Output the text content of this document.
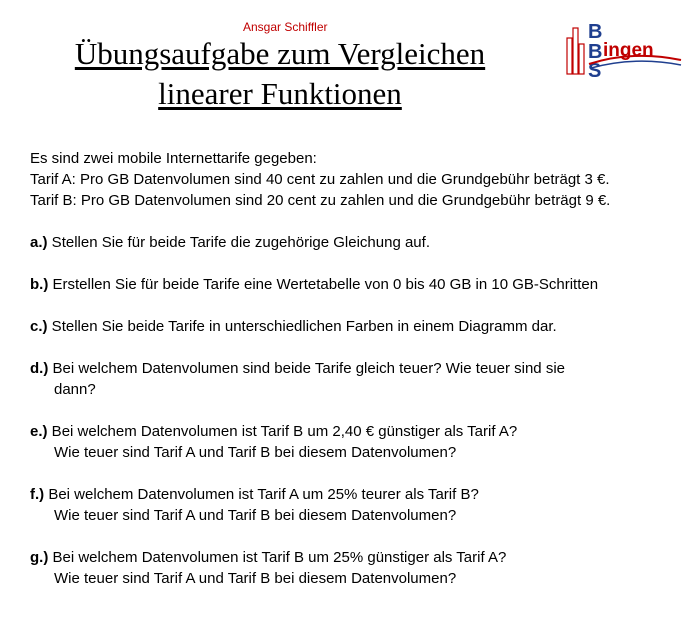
Ansgar Schiffler
Übungsaufgabe zum Vergleichen
linearer Funktionen
B
B
S
ingen
Es sind zwei mobile Internettarife gegeben:
Tarif A: Pro GB Datenvolumen sind 40 cent zu zahlen und die Grundgebühr beträgt 3 €.
Tarif B: Pro GB Datenvolumen sind 20 cent zu zahlen und die Grundgebühr beträgt 9 €.
a.) Stellen Sie für beide Tarife die zugehörige Gleichung auf.
b.) Erstellen Sie für beide Tarife eine Wertetabelle von 0 bis 40 GB in 10 GB-Schritten
c.) Stellen Sie beide Tarife in unterschiedlichen Farben in einem Diagramm dar.
d.) Bei welchem Datenvolumen sind beide Tarife gleich teuer? Wie teuer sind sie
dann?
e.) Bei welchem Datenvolumen ist Tarif B um 2,40 € günstiger als Tarif A?
Wie teuer sind Tarif A und Tarif B bei diesem Datenvolumen?
f.) Bei welchem Datenvolumen ist Tarif A um 25% teurer als Tarif B?
Wie teuer sind Tarif A und Tarif B bei diesem Datenvolumen?
g.) Bei welchem Datenvolumen ist Tarif B um 25% günstiger als Tarif A?
Wie teuer sind Tarif A und Tarif B bei diesem Datenvolumen?
